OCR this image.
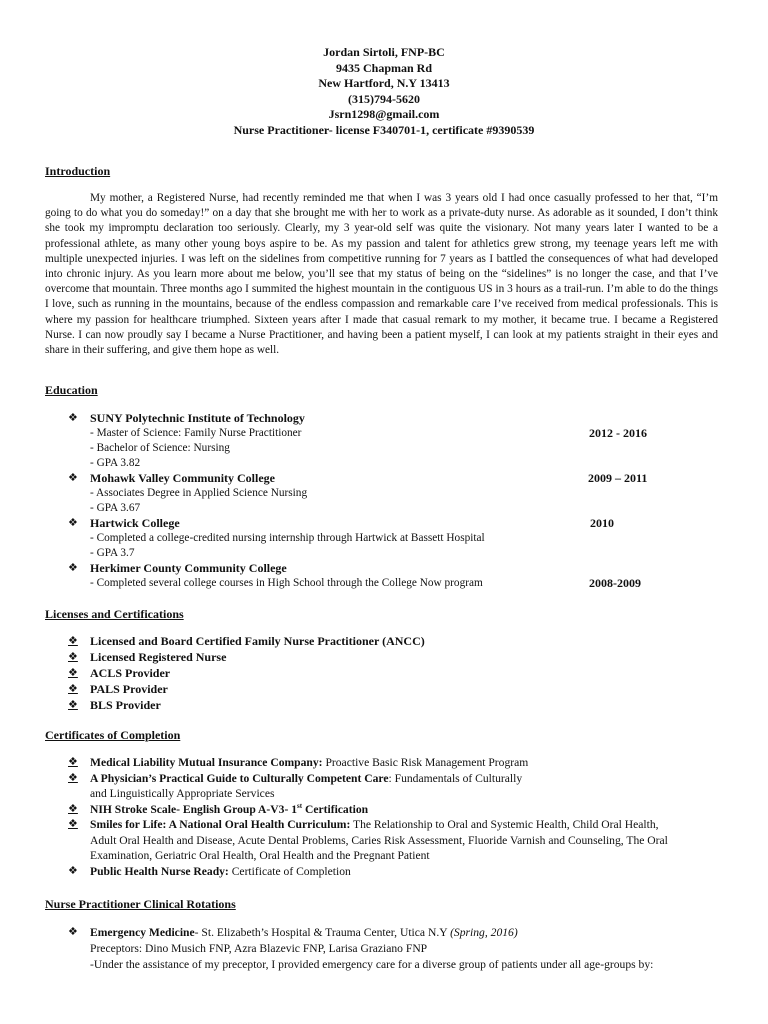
Jordan Sirtoli, FNP-BC
9435 Chapman Rd
New Hartford, N.Y 13413
(315)794-5620
Jsrn1298@gmail.com
Nurse Practitioner- license F340701-1, certificate #9390539
Introduction

My mother, a Registered Nurse, had recently reminded me that when I was 3 years old I had once casually professed to her that, “I’m going to do what you do someday!” on a day that she brought me with her to work as a private-duty nurse. As adorable as it sounded, I don’t think she took my impromptu declaration too seriously. Clearly, my 3 year-old self was quite the visionary. Not many years later I wanted to be a professional athlete, as many other young boys aspire to be. As my passion and talent for athletics grew strong, my teenage years left me with multiple unexpected injuries. I was left on the sidelines from competitive running for 7 years as I battled the consequences of what had developed into chronic injury. As you learn more about me below, you’ll see that my status of being on the “sidelines” is no longer the case, and that I’ve overcome that mountain. Three months ago I summited the highest mountain in the contiguous US in 3 hours as a trail-run. I’m able to do the things I love, such as running in the mountains, because of the endless compassion and remarkable care I’ve received from medical professionals. This is where my passion for healthcare triumphed. Sixteen years after I made that casual remark to my mother, it became true. I became a Registered Nurse. I can now proudly say I became a Nurse Practitioner, and having been a patient myself, I can look at my patients straight in their eyes and share in their suffering, and give them hope as well.

Education
❖ SUNY Polytechnic Institute of Technology
- Master of Science: Family Nurse Practitioner	2012 - 2016
- Bachelor of Science: Nursing
- GPA 3.82
❖ Mohawk Valley Community College	2009 – 2011
- Associates Degree in Applied Science Nursing
- GPA 3.67
❖ Hartwick College	2010
- Completed a college-credited nursing internship through Hartwick at Bassett Hospital
- GPA 3.7
❖ Herkimer County Community College
- Completed several college courses in High School through the College Now program	2008-2009
Licenses and Certifications
❖ Licensed and Board Certified Family Nurse Practitioner (ANCC)
❖ Licensed Registered Nurse
❖ ACLS Provider
❖ PALS Provider
❖ BLS Provider
Certificates of Completion
❖ Medical Liability Mutual Insurance Company: Proactive Basic Risk Management Program
❖ A Physician’s Practical Guide to Culturally Competent Care: Fundamentals of Culturally
and Linguistically Appropriate Services
❖ NIH Stroke Scale- English Group A-V3- 1st Certification
❖ Smiles for Life: A National Oral Health Curriculum: The Relationship to Oral and Systemic Health, Child Oral Health,
Adult Oral Health and Disease, Acute Dental Problems, Caries Risk Assessment, Fluoride Varnish and Counseling, The Oral
Examination, Geriatric Oral Health, Oral Health and the Pregnant Patient
❖ Public Health Nurse Ready: Certificate of Completion
Nurse Practitioner Clinical Rotations
❖ Emergency Medicine- St. Elizabeth’s Hospital & Trauma Center, Utica N.Y (Spring, 2016)
Preceptors: Dino Musich FNP, Azra Blazevic FNP, Larisa Graziano FNP
-Under the assistance of my preceptor, I provided emergency care for a diverse group of patients under all age-groups by:
